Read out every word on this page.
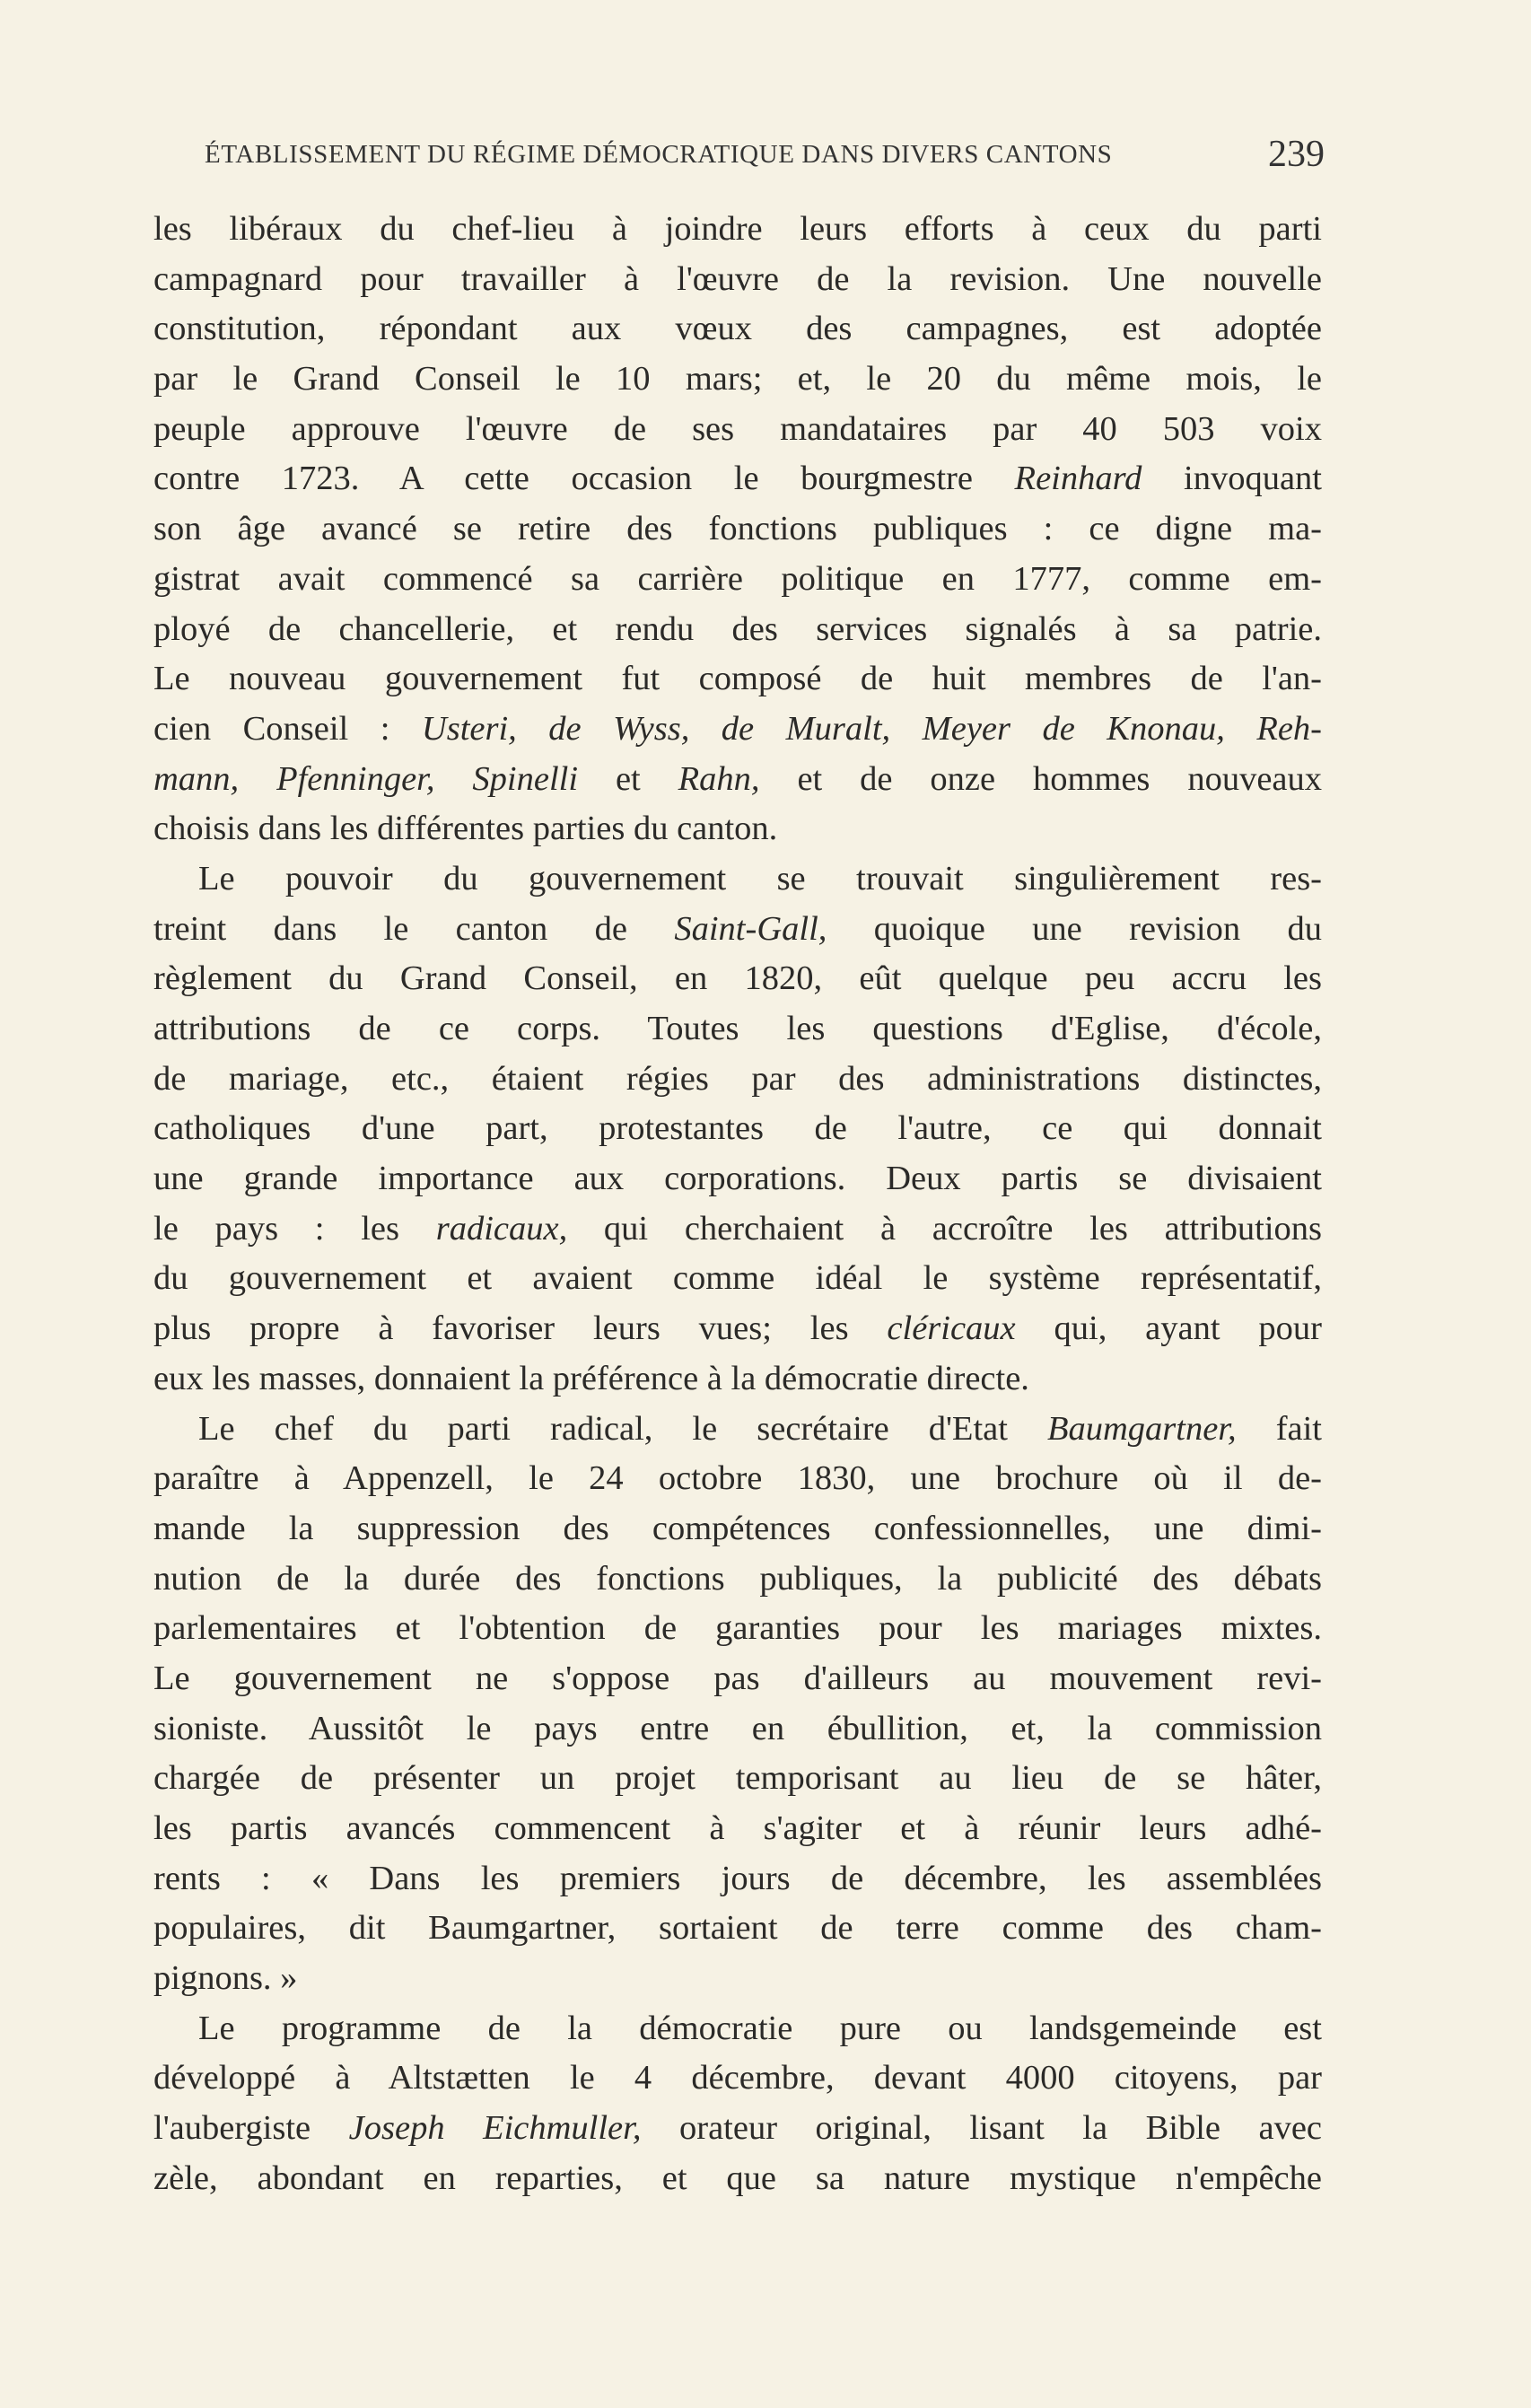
ÉTABLISSEMENT DU RÉGIME DÉMOCRATIQUE DANS DIVERS CANTONS	239
les libéraux du chef-lieu à joindre leurs efforts à ceux du parti
campagnard pour travailler à l'œuvre de la revision. Une nouvelle
constitution, répondant aux vœux des campagnes, est adoptée
par le Grand Conseil le 10 mars; et, le 20 du même mois, le
peuple approuve l'œuvre de ses mandataires par 40 503 voix
contre 1723. A cette occasion le bourgmestre Reinhard invoquant
son âge avancé se retire des fonctions publiques : ce digne ma-
gistrat avait commencé sa carrière politique en 1777, comme em-
ployé de chancellerie, et rendu des services signalés à sa patrie.
Le nouveau gouvernement fut composé de huit membres de l'an-
cien Conseil : Usteri, de Wyss, de Muralt, Meyer de Knonau, Reh-
mann, Pfenninger, Spinelli et Rahn, et de onze hommes nouveaux
choisis dans les différentes parties du canton.
Le pouvoir du gouvernement se trouvait singulièrement res-
treint dans le canton de Saint-Gall, quoique une revision du
règlement du Grand Conseil, en 1820, eût quelque peu accru les
attributions de ce corps. Toutes les questions d'Eglise, d'école,
de mariage, etc., étaient régies par des administrations distinctes,
catholiques d'une part, protestantes de l'autre, ce qui donnait
une grande importance aux corporations. Deux partis se divisaient
le pays : les radicaux, qui cherchaient à accroître les attributions
du gouvernement et avaient comme idéal le système représentatif,
plus propre à favoriser leurs vues; les cléricaux qui, ayant pour
eux les masses, donnaient la préférence à la démocratie directe.
Le chef du parti radical, le secrétaire d'Etat Baumgartner, fait
paraître à Appenzell, le 24 octobre 1830, une brochure où il de-
mande la suppression des compétences confessionnelles, une dimi-
nution de la durée des fonctions publiques, la publicité des débats
parlementaires et l'obtention de garanties pour les mariages mixtes.
Le gouvernement ne s'oppose pas d'ailleurs au mouvement revi-
sioniste. Aussitôt le pays entre en ébullition, et, la commission
chargée de présenter un projet temporisant au lieu de se hâter,
les partis avancés commencent à s'agiter et à réunir leurs adhé-
rents : « Dans les premiers jours de décembre, les assemblées
populaires, dit Baumgartner, sortaient de terre comme des cham-
pignons. »
Le programme de la démocratie pure ou landsgemeinde est
développé à Altstætten le 4 décembre, devant 4000 citoyens, par
l'aubergiste Joseph Eichmuller, orateur original, lisant la Bible avec
zèle, abondant en reparties, et que sa nature mystique n'empêche
